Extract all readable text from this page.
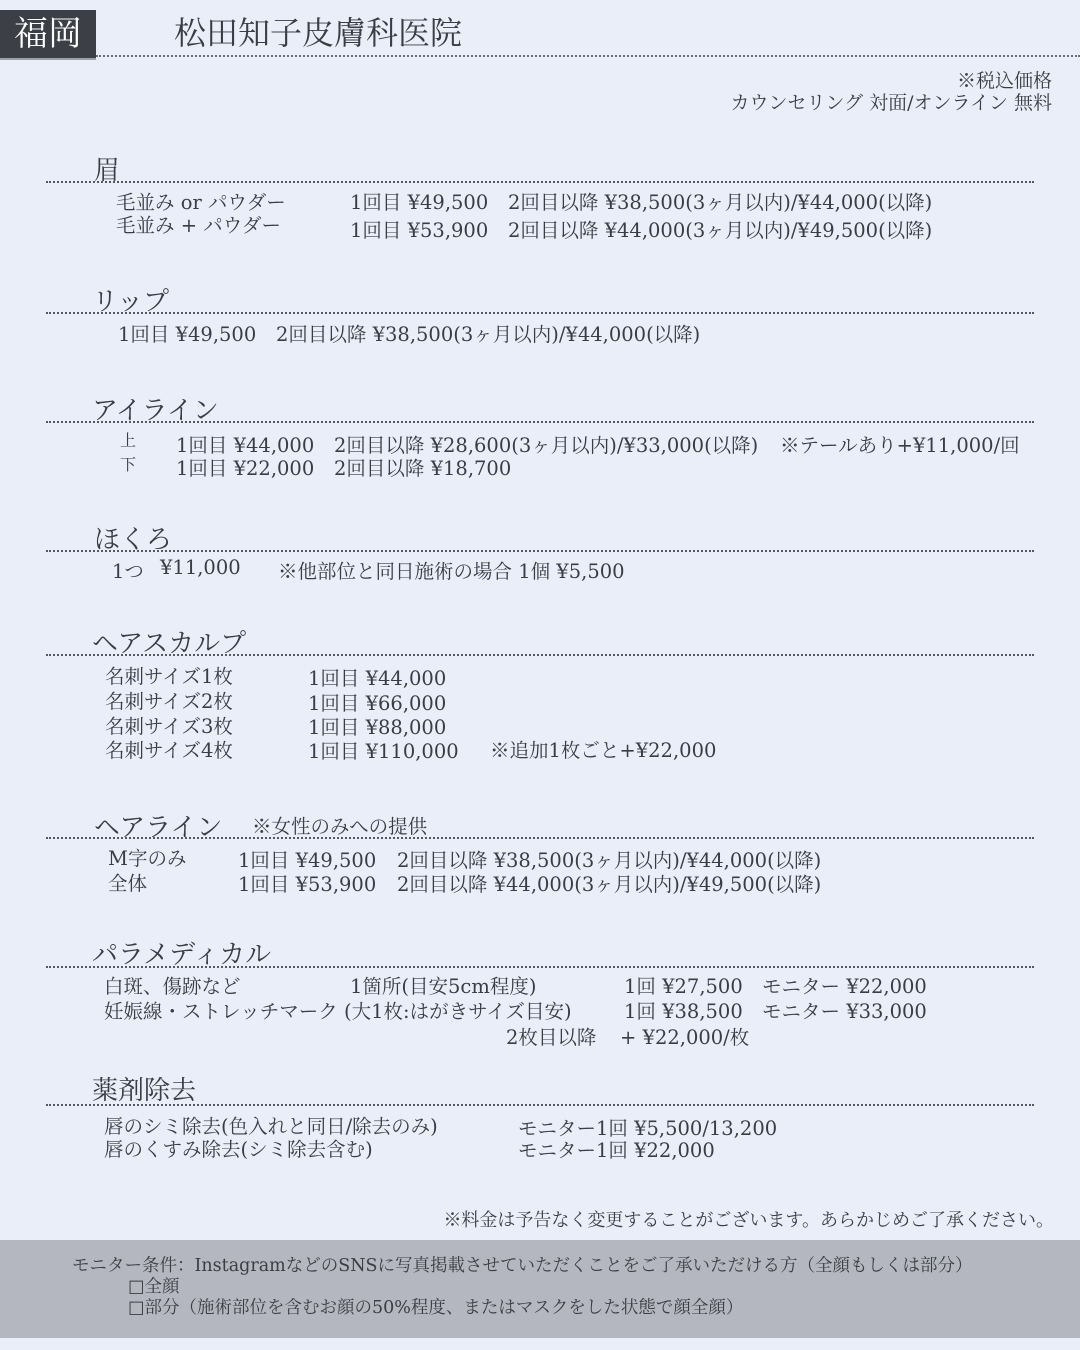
福岡	松田知子皮膚科医院
※税込価格
カウンセリング 対面/オンライン 無料
眉
毛並み or パウダー	1回目 ¥49,500 2回目以降 ¥38,500(3ヶ月以内)/¥44,000(以降)
毛並み + パウダー	1回目 ¥53,900 2回目以降 ¥44,000(3ヶ月以内)/¥49,500(以降)
リップ
1回目 ¥49,500 2回目以降 ¥38,500(3ヶ月以内)/¥44,000(以降)
アイライン
上 1回目 ¥44,000 2回目以降 ¥28,600(3ヶ月以内)/¥33,000(以降) ※テールあり+¥11,000/回
下 1回目 ¥22,000 2回目以降 ¥18,700
ほくろ
1つ ¥11,000 ※他部位と同日施術の場合 1個 ¥5,500
ヘアスカルプ
名刺サイズ1枚	1回目 ¥44,000
名刺サイズ2枚	1回目 ¥66,000
名刺サイズ3枚	1回目 ¥88,000
名刺サイズ4枚	1回目 ¥110,000 ※追加1枚ごと+¥22,000
ヘアライン ※女性のみへの提供
M字のみ	1回目 ¥49,500 2回目以降 ¥38,500(3ヶ月以内)/¥44,000(以降)
全体	1回目 ¥53,900 2回目以降 ¥44,000(3ヶ月以内)/¥49,500(以降)
パラメディカル
白斑、傷跡など	1箇所(目安5cm程度)	1回 ¥27,500 モニター ¥22,000
妊娠線・ストレッチマーク (大1枚:はがきサイズ目安)	1回 ¥38,500 モニター ¥33,000
2枚目以降 + ¥22,000/枚
薬剤除去
唇のシミ除去(色入れと同日/除去のみ)	モニター1回 ¥5,500/13,200
唇のくすみ除去(シミ除去含む)	モニター1回 ¥22,000
※料金は予告なく変更することがございます。あらかじめご了承ください。
モニター条件：InstagramなどのSNSに写真掲載させていただくことをご了承いただける方（全顔もしくは部分）
□全顔
□部分（施術部位を含むお顔の50%程度、またはマスクをした状態で顔全顔）
